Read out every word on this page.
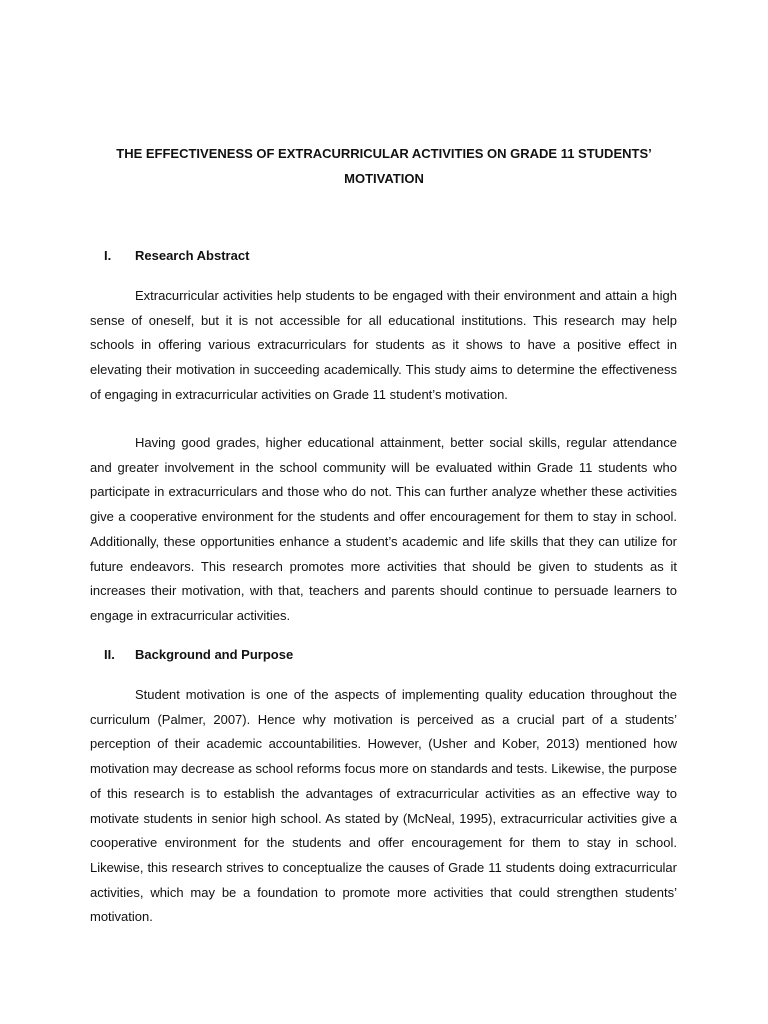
THE EFFECTIVENESS OF EXTRACURRICULAR ACTIVITIES ON GRADE 11 STUDENTS’
MOTIVATION
I. Research Abstract

Extracurricular activities help students to be engaged with their environment and attain a high sense of oneself, but it is not accessible for all educational institutions. This research may help schools in offering various extracurriculars for students as it shows to have a positive effect in elevating their motivation in succeeding academically. This study aims to determine the effectiveness of engaging in extracurricular activities on Grade 11 student’s motivation.

Having good grades, higher educational attainment, better social skills, regular attendance and greater involvement in the school community will be evaluated within Grade 11 students who participate in extracurriculars and those who do not. This can further analyze whether these activities give a cooperative environment for the students and offer encouragement for them to stay in school. Additionally, these opportunities enhance a student’s academic and life skills that they can utilize for future endeavors. This research promotes more activities that should be given to students as it increases their motivation, with that, teachers and parents should continue to persuade learners to engage in extracurricular activities.

II. Background and Purpose

Student motivation is one of the aspects of implementing quality education throughout the curriculum (Palmer, 2007). Hence why motivation is perceived as a crucial part of a students’ perception of their academic accountabilities. However, (Usher and Kober, 2013) mentioned how motivation may decrease as school reforms focus more on standards and tests. Likewise, the purpose of this research is to establish the advantages of extracurricular activities as an effective way to motivate students in senior high school. As stated by (McNeal, 1995), extracurricular activities give a cooperative environment for the students and offer encouragement for them to stay in school. Likewise, this research strives to conceptualize the causes of Grade 11 students doing extracurricular activities, which may be a foundation to promote more activities that could strengthen students’ motivation.
